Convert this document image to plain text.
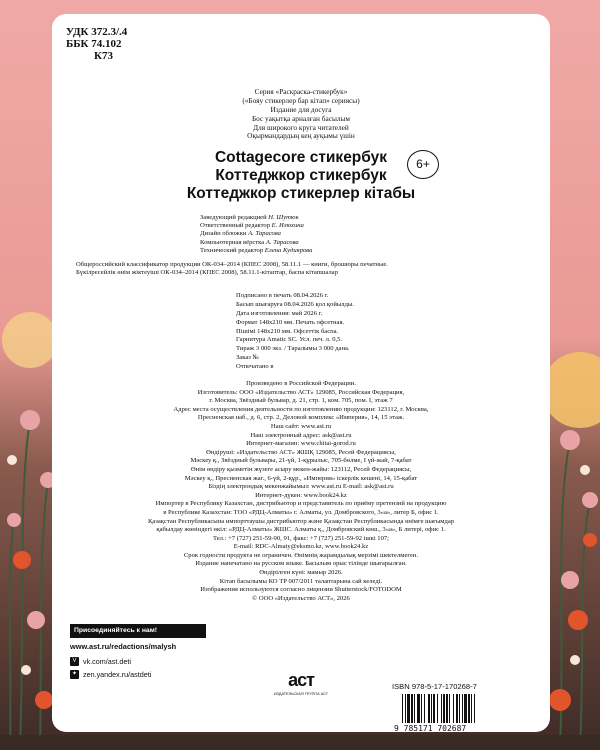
УДК 372.3/.4
ББК 74.102
К73
Серия «Раскраска-стикербук»
(«Бояу стикерлер бар кітап» сериясы)
Издание для досуга
Бос уақытқа арналған басылым
Для широкого круга читателей
Оқырмандардың кең ауқымы үшін
Cottagecore стикербук
Коттеджкор стикербук
Коттеджкор стикерлер кітабы
6+
Заведующий редакцией Н. Шутюк
Ответственный редактор Е. Илюхина
Дизайн обложки А. Тарасова
Компьютерная вёрстка А. Тарасова
Технический редактор Елена Кудиярова
Общероссийский классификатор продукции ОК-034–2014 (КПЕС 2008), 58.11.1 — книги, брошюры печатные.
Бүкілресейлік өнім жіктеуіші ОК-034–2014 (КПЕС 2008), 58.11.1-кітаптар, баспа кітапшалар
Подписано в печать 08.04.2026 г.
Басып шығаруға 08.04.2026 қол қойылды.
Дата изготовления: май 2026 г.
Формат 148х210 мм. Печать офсетная.
Пішімі 148х210 мм. Офсеттік баспа.
Гарнитура Amatic SC. Усл. печ. л. 0,5.
Тираж 3 000 экз. / Таралымы 3 000 дана.
Заказ №
Отпечатано в
Произведено в Российской Федерации.
Изготовитель: ООО «Издательство АСТ» 129085, Российская Федерация,
г. Москва, Звёздный бульвар, д. 21, стр. 1, ком. 705, пом. I, этаж 7
Адрес места осуществления деятельности по изготовлению продукции: 123112, г. Москва,
Пресненская наб., д. 6, стр. 2, Деловой комплекс «Империя», 14, 15 этаж.
Наш сайт: www.ast.ru
Наш электронный адрес: ask@ast.ru
Интернет-магазин: www.chitai-gorod.ru
Өндіруші: «Издательство АСТ» ЖШҚ 129085, Ресей Федерациясы,
Мәскеу қ., Звёздный бульвары, 21-үй, 1-құрылыс, 705-бөлме, I үй-жай, 7-қабат
Өнім өндіру қызметін жүзеге асыру мекен-жайы: 123112, Ресей Федерациясы,
Мәскеу қ., Пресненская жаг., 6-үй, 2-құр., «Империя» іскерлік кешені, 14, 15-қабат
Біздің электрондық мекенжайымыз: www.ast.ru E-mail: ask@ast.ru
Интернет-дүкен: www.book24.kz
Импортер в Республику Казахстан, дистрибьютор и представитель по приёму претензий на продукцию
в Республике Казахстан: ТОО «РДЦ-Алматы» г. Алматы, ул. Домбровского, 3«а», литер Б, офис 1.
Қазақстан Республикасына импорттаушы дистрибьютор және Қазақстан Республикасында өнімге шағымдар
қабылдау жөніндегі өкіл: «РДЦ-Алматы» ЖШС. Алматы қ., Домбровский көш., 3«а», Б литері, офис 1.
Тел.: +7 (727) 251-59-90, 91, факс: +7 (727) 251-59-92 ішкі 107;
E-mail: RDC-Almaty@eksmo.kz, www.book24.kz
Срок годности продукта не ограничен. Өнімнің жарамдылық мерзімі шектелмеген.
Издание напечатано на русском языке. Басылым орыс тілінде шығарылған.
Өндірілген күні: мамыр 2026.
Кітап басылымы КО ТР 007/2011 талаптарына сай келеді.
Изображения используются согласно лицензии Shutterstock/FOTODOM
© ООО «Издательство АСТ», 2026
Присоединяйтесь к нам!
www.ast.ru/redactions/malysh
V vk.com/ast.deti
✦ zen.yandex.ru/astdeti	аст
ИЗДАТЕЛЬСКАЯ ГРУППА АСТ
ISBN 978-5-17-170268-7
9 785171 702687
